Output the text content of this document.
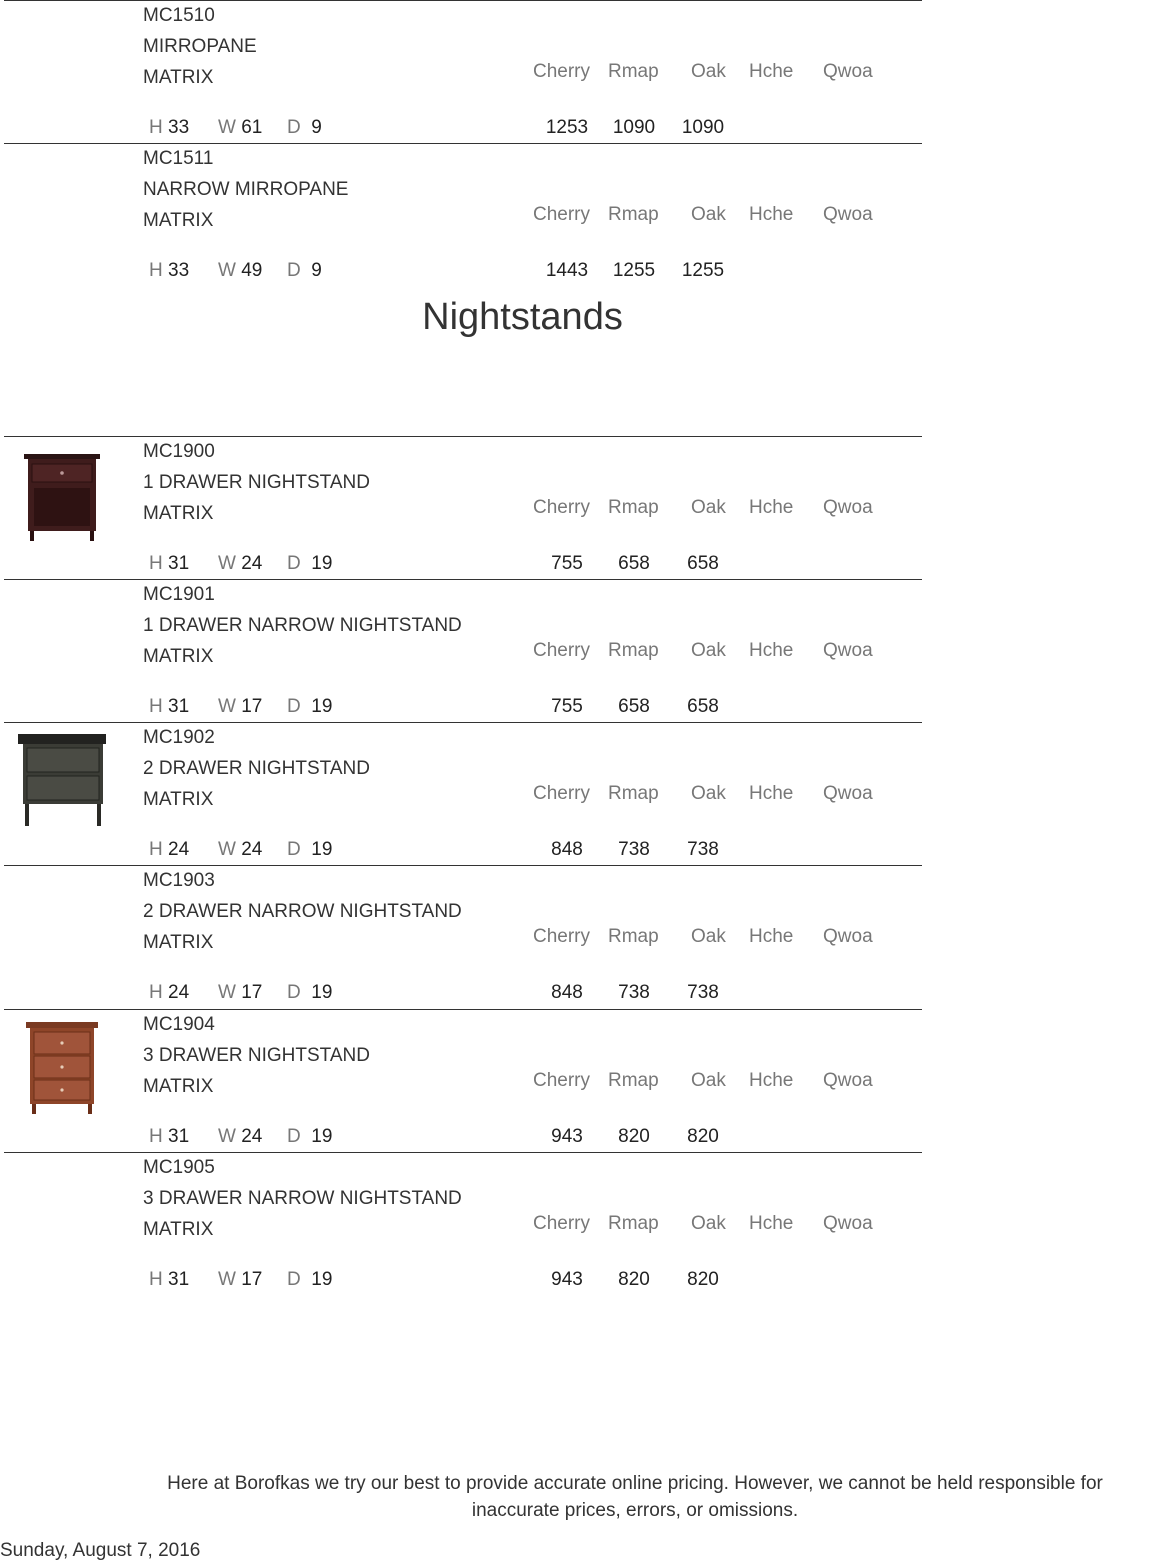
MC1510
MIRROPANE
MATRIX
H 33 W 61 D 9
Cherry Rmap Oak Hche Qwoa
1253	1090	1090
MC1511
NARROW MIRROPANE
MATRIX
H 33 W 49 D 9
Cherry Rmap Oak Hche Qwoa
1443	1255	1255
MC1900
1 DRAWER NIGHTSTAND
MATRIX
H 31 W 24 D 19
Cherry Rmap Oak Hche Qwoa
755	658	658
MC1901
1 DRAWER NARROW NIGHTSTAND
MATRIX
H 31 W 17 D 19
Cherry Rmap Oak Hche Qwoa
755	658	658
MC1902
2 DRAWER NIGHTSTAND
MATRIX
H 24 W 24 D 19
Cherry Rmap Oak Hche Qwoa
848	738	738
MC1903
2 DRAWER NARROW NIGHTSTAND
MATRIX
H 24 W 17 D 19
Cherry Rmap Oak Hche Qwoa
848	738	738
MC1904
3 DRAWER NIGHTSTAND
MATRIX
H 31 W 24 D 19
Cherry Rmap Oak Hche Qwoa
943	820	820
MC1905
3 DRAWER NARROW NIGHTSTAND
MATRIX
H 31 W 17 D 19
Cherry Rmap Oak Hche Qwoa
943	820	820
Nightstands
Here at Borofkas we try our best to provide accurate online pricing. However, we cannot be held responsible for
inaccurate prices, errors, or omissions.
Sunday, August 7, 2016
